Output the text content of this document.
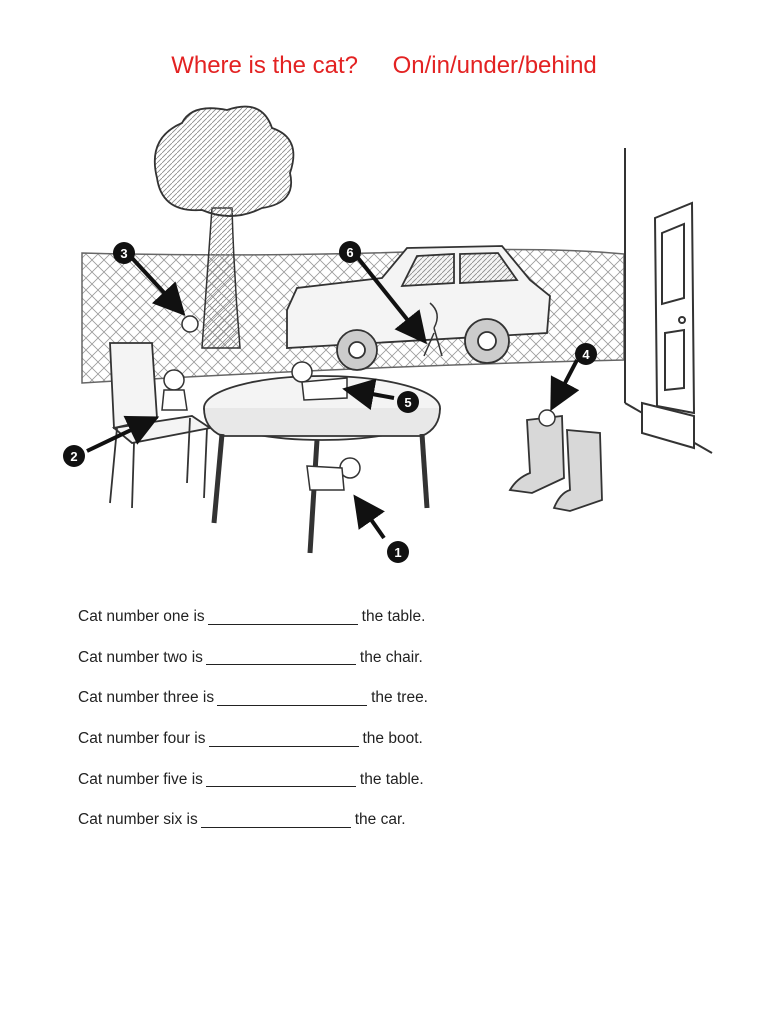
Where is the cat? On/in/under/behind
1
2
3
4
5
6
Cat number one is	the table.
Cat number two is	the chair.
Cat number three is	the tree.
Cat number four is	the boot.
Cat number five is	the table.
Cat number six is	the car.
